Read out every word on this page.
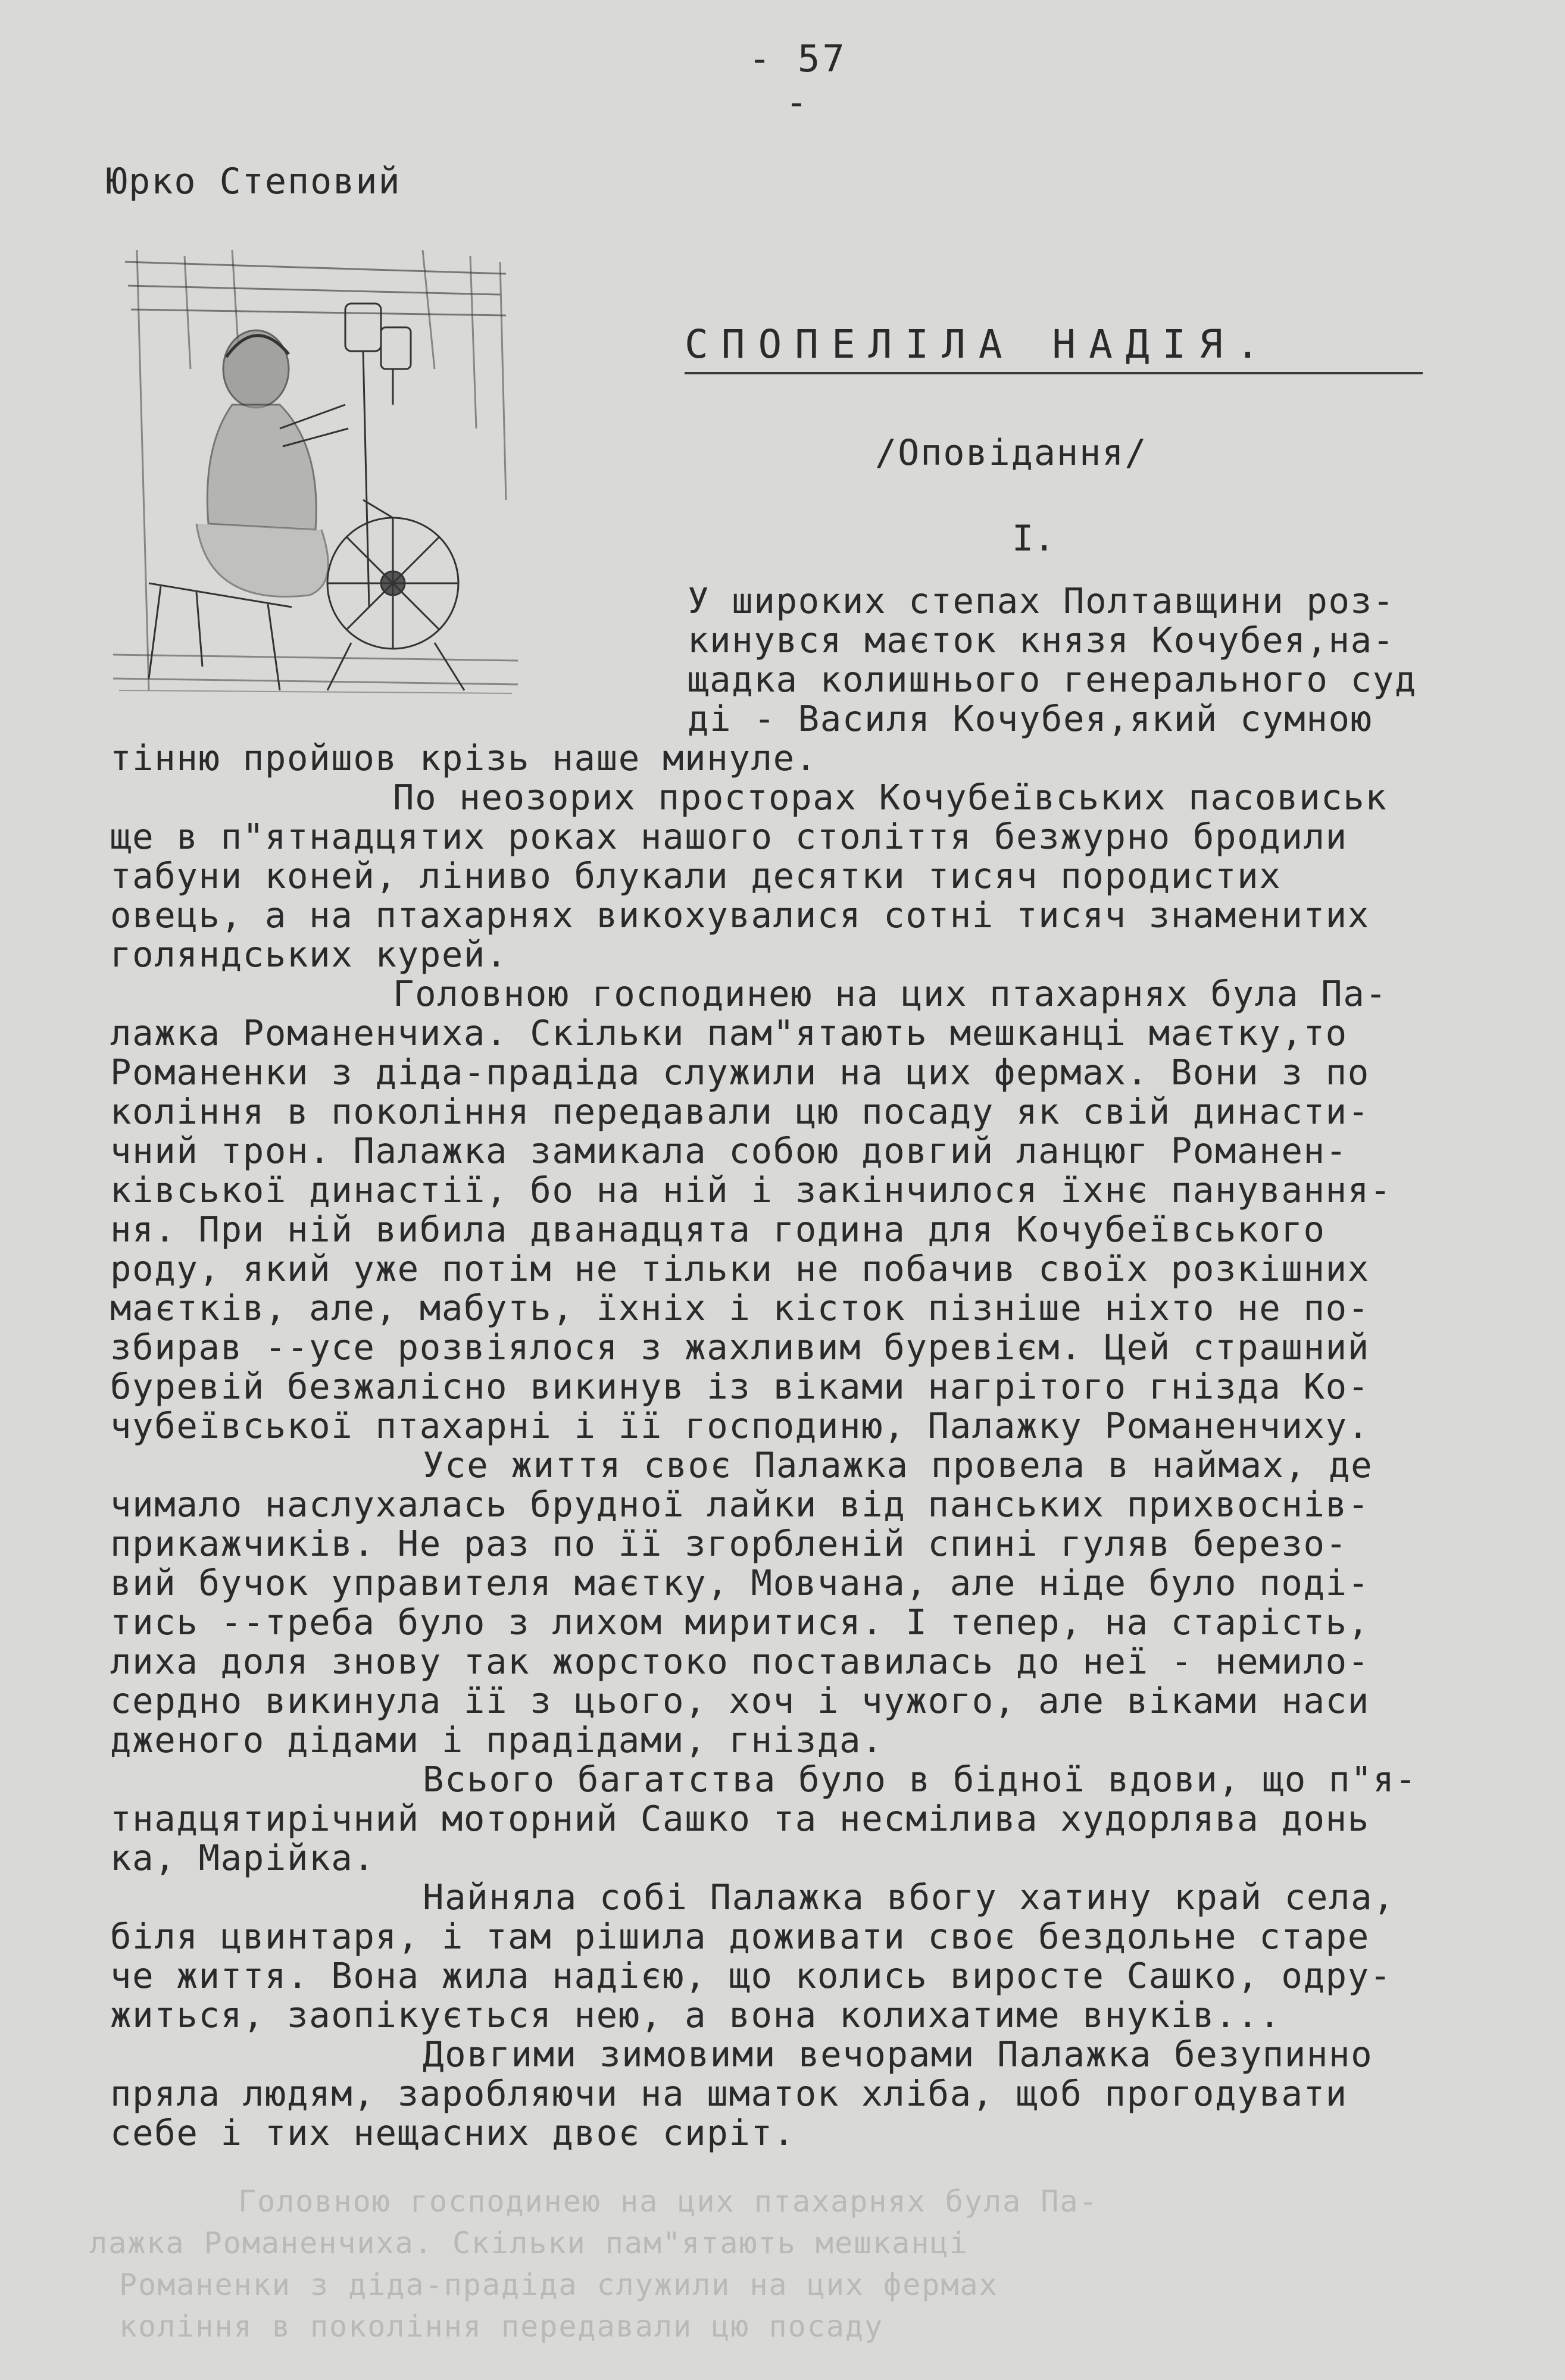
- 57 -
Юрко Степовий
СПОПЕЛІЛА НАДІЯ.
/Оповідання/
I.
У широких степах Полтавщини роз-
кинувся маєток князя Кочубея,на-
щадка колишнього генерального суд
ді - Василя Кочубея,який сумною
тінню пройшов крізь наше минуле.
По неозорих просторах Кочубеївських пасовиськ
ще в п"ятнадцятих роках нашого століття безжурно бродили
табуни коней, ліниво блукали десятки тисяч породистих
овець, а на птахарнях викохувалися сотні тисяч знаменитих
голяндських курей.
Головною господинею на цих птахарнях була Па-
лажка Романенчиха. Скільки пам"ятають мешканці маєтку,то
Романенки з діда-прадіда служили на цих фермах. Вони з по
коління в покоління передавали цю посаду як свій династи-
чний трон. Палажка замикала собою довгий ланцюг Романен-
ківської династії, бо на ній і закінчилося їхнє панування-
ня. При ній вибила дванадцята година для Кочубеївського
роду, який уже потім не тільки не побачив своїх розкішних
маєтків, але, мабуть, їхніх і кісток пізніше ніхто не по-
збирав --усе розвіялося з жахливим буревієм. Цей страшний
буревій безжалісно викинув із віками нагрітого гнізда Ко-
чубеївської птахарні і її господиню, Палажку Романенчиху.
Усе життя своє Палажка провела в наймах, де
чимало наслухалась брудної лайки від панських прихвоснів-
прикажчиків. Не раз по її згорбленій спині гуляв березо-
вий бучок управителя маєтку, Мовчана, але ніде було поді-
тись --треба було з лихом миритися. І тепер, на старість,
лиха доля знову так жорстоко поставилась до неї - немило-
сердно викинула її з цього, хоч і чужого, але віками наси
дженого дідами і прадідами, гнізда.
Всього багатства було в бідної вдови, що п"я-
тнадцятирічний моторний Сашко та несміливa худорлява донь
ка, Марійка.
Найняла собі Палажка вбогу хатину край села,
біля цвинтаря, і там рішила доживати своє бездольне старе
че життя. Вона жила надією, що колись виросте Сашко, одру-
житься, заопікується нею, а вона колихатиме внуків...
Довгими зимовими вечорами Палажка безупинно
пряла людям, заробляючи на шматок хліба, щоб прогодувати
себе і тих нещасних двоє сиріт.
Головною господинею на цих птахарнях була Па-
лажка Романенчиха. Скільки пам"ятають мешканці
Романенки з діда-прадіда служили на цих фермах
коління в покоління передавали цю посаду
